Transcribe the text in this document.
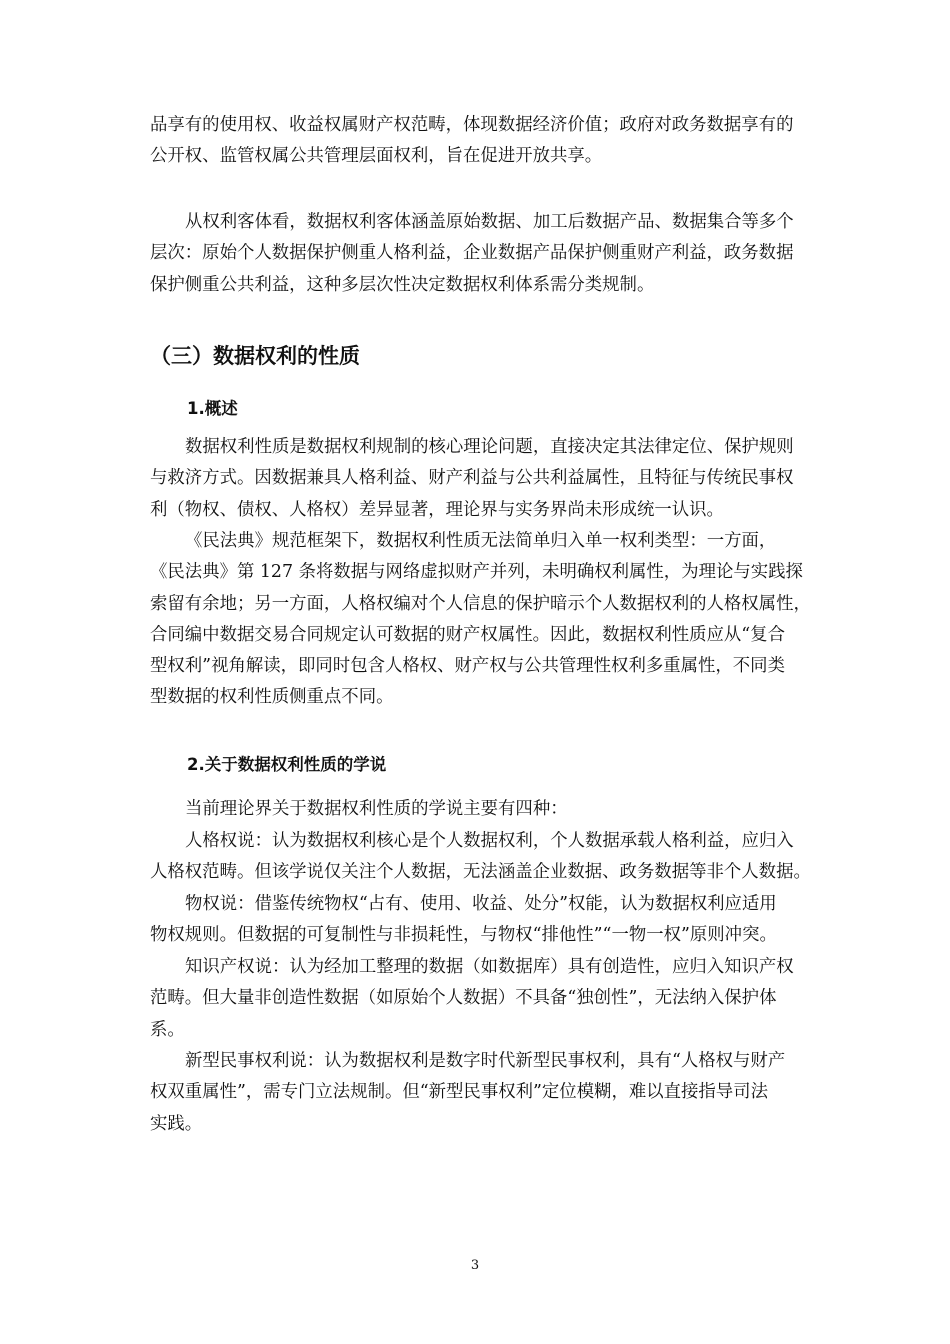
品享有的使用权、收益权属财产权范畴，体现数据经济价值；政府对政务数据享有的
公开权、监管权属公共管理层面权利，旨在促进开放共享。

从权利客体看，数据权利客体涵盖原始数据、加工后数据产品、数据集合等多个
层次：原始个人数据保护侧重人格利益，企业数据产品保护侧重财产利益，政务数据
保护侧重公共利益，这种多层次性决定数据权利体系需分类规制。

（三）数据权利的性质
1.概述

数据权利性质是数据权利规制的核心理论问题，直接决定其法律定位、保护规则
与救济方式。因数据兼具人格利益、财产利益与公共利益属性，且特征与传统民事权
利（物权、债权、人格权）差异显著，理论界与实务界尚未形成统一认识。

《民法典》规范框架下，数据权利性质无法简单归入单一权利类型：一方面，
《民法典》第 127 条将数据与网络虚拟财产并列，未明确权利属性，为理论与实践探
索留有余地；另一方面，人格权编对个人信息的保护暗示个人数据权利的人格权属性，
合同编中数据交易合同规定认可数据的财产权属性。因此，数据权利性质应从“复合
型权利”视角解读，即同时包含人格权、财产权与公共管理性权利多重属性，不同类
型数据的权利性质侧重点不同。

2.关于数据权利性质的学说

当前理论界关于数据权利性质的学说主要有四种：

人格权说：认为数据权利核心是个人数据权利，个人数据承载人格利益，应归入
人格权范畴。但该学说仅关注个人数据，无法涵盖企业数据、政务数据等非个人数据。

物权说：借鉴传统物权“占有、使用、收益、处分”权能，认为数据权利应适用
物权规则。但数据的可复制性与非损耗性，与物权“排他性”“一物一权”原则冲突。

知识产权说：认为经加工整理的数据（如数据库）具有创造性，应归入知识产权
范畴。但大量非创造性数据（如原始个人数据）不具备“独创性”，无法纳入保护体
系。

新型民事权利说：认为数据权利是数字时代新型民事权利，具有“人格权与财产
权双重属性”，需专门立法规制。但“新型民事权利”定位模糊，难以直接指导司法
实践。

3
